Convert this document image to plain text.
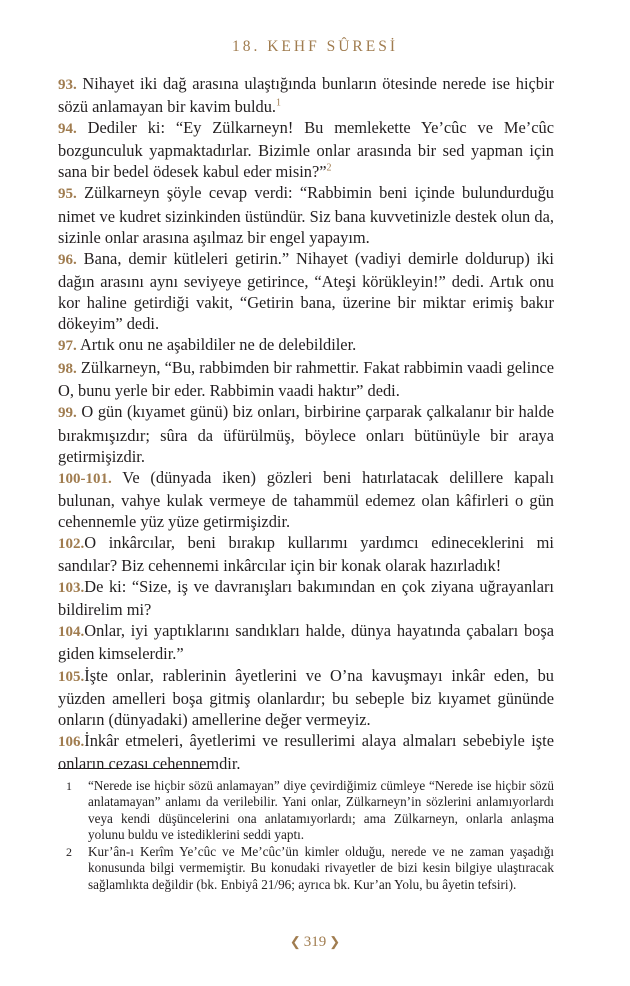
18. KEHF SÛRESİ

93. Nihayet iki dağ arasına ulaştığında bunların ötesinde nerede ise hiçbir sözü anlamayan bir kavim buldu.$^1$

94. Dediler ki: “Ey Zülkarneyn! Bu memlekette Ye’cûc ve Me’cûc bozgunculuk yapmaktadırlar. Bizimle onlar arasında bir sed yapman için sana bir bedel ödesek kabul eder misin?”$^2$

95. Zülkarneyn şöyle cevap verdi: “Rabbimin beni içinde bulundurduğu nimet ve kudret sizinkinden üstündür. Siz bana kuvvetinizle destek olun da, sizinle onlar arasına aşılmaz bir engel yapayım.

96. Bana, demir kütleleri getirin.” Nihayet (vadiyi demirle doldurup) iki dağın arasını aynı seviyeye getirince, “Ateşi körükleyin!” dedi. Artık onu kor haline getirdiği vakit, “Getirin bana, üzerine bir miktar erimiş bakır dökeyim” dedi.

97. Artık onu ne aşabildiler ne de delebildiler.

98. Zülkarneyn, “Bu, rabbimden bir rahmettir. Fakat rabbimin vaadi gelince O, bunu yerle bir eder. Rabbimin vaadi haktır” dedi.

99. O gün (kıyamet günü) biz onları, birbirine çarparak çalkalanır bir halde bırakmışızdır; sûra da üfürülmüş, böylece onları bütünüyle bir araya getirmişizdir.

100-101. Ve (dünyada iken) gözleri beni hatırlatacak delillere kapalı bulunan, vahye kulak vermeye de tahammül edemez olan kâfirleri o gün cehennemle yüz yüze getirmişizdir.

102.O inkârcılar, beni bırakıp kullarımı yardımcı edineceklerini mi sandılar? Biz cehennemi inkârcılar için bir konak olarak hazırladık!

103.De ki: “Size, iş ve davranışları bakımından en çok ziyana uğrayanları bildirelim mi?

104.Onlar, iyi yaptıklarını sandıkları halde, dünya hayatında çabaları boşa giden kimselerdir.”

105.İşte onlar, rablerinin âyetlerini ve O’na kavuşmayı inkâr eden, bu yüzden amelleri boşa gitmiş olanlardır; bu sebeple biz kıyamet gününde onların (dünyadaki) amellerine değer vermeyiz.

106.İnkâr etmeleri, âyetlerimi ve resullerimi alaya almaları sebebiyle işte onların cezası cehennemdir.

1	“Nerede ise hiçbir sözü anlamayan” diye çevirdiğimiz cümleye “Nerede ise hiçbir sözü anlatamayan” anlamı da verilebilir. Yani onlar, Zülkarneyn’in sözlerini anlamıyorlardı veya kendi düşüncelerini ona anlatamıyorlardı; ama Zülkarneyn, onlarla anlaşma yolunu buldu ve istediklerini seddi yaptı.
2	Kur’ân-ı Kerîm Ye’cûc ve Me’cûc’ün kimler olduğu, nerede ve ne zaman yaşadığı konusunda bilgi vermemiştir. Bu konudaki rivayetler de bizi kesin bilgiye ulaştıracak sağlamlıkta değildir (bk. Enbiyâ 21/96; ayrıca bk. Kur’an Yolu, bu âyetin tefsiri).
❮ 319 ❯
